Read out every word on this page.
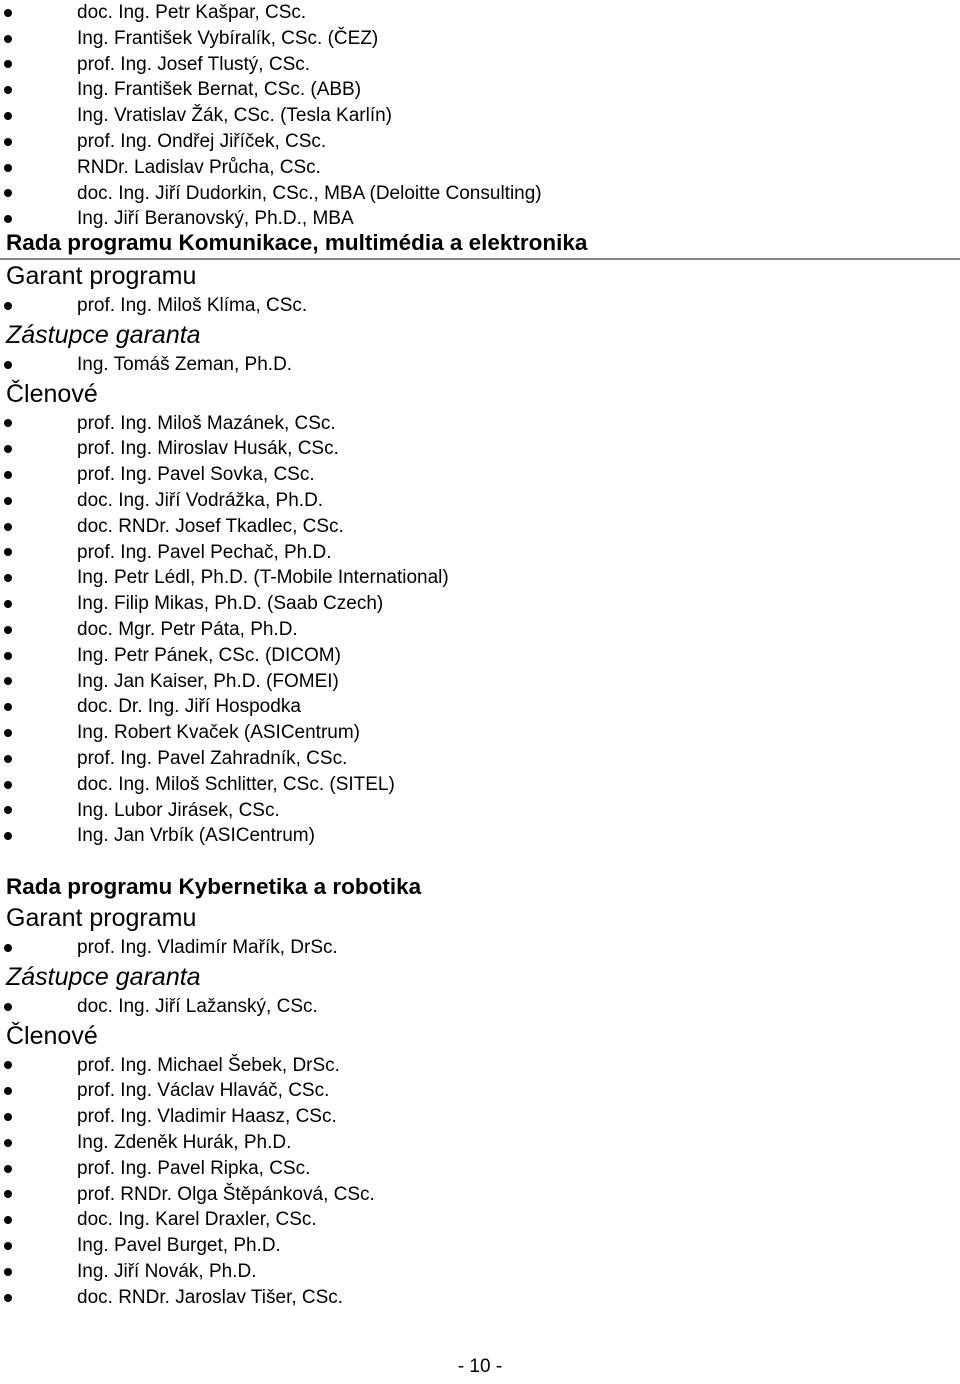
doc. Ing. Petr Kašpar, CSc.
Ing. František Vybíralík, CSc. (ČEZ)
prof. Ing. Josef Tlustý, CSc.
Ing. František Bernat, CSc. (ABB)
Ing. Vratislav Žák, CSc. (Tesla Karlín)
prof. Ing. Ondřej Jiříček, CSc.
RNDr. Ladislav Průcha, CSc.
doc. Ing. Jiří Dudorkin, CSc., MBA (Deloitte Consulting)
Ing. Jiří Beranovský, Ph.D., MBA
Rada programu Komunikace, multimédia a elektronika
Garant programu
prof. Ing. Miloš Klíma, CSc.
Zástupce garanta
Ing. Tomáš Zeman, Ph.D.
Členové
prof. Ing. Miloš Mazánek, CSc.
prof. Ing. Miroslav Husák, CSc.
prof. Ing. Pavel Sovka, CSc.
doc. Ing. Jiří Vodrážka, Ph.D.
doc. RNDr. Josef Tkadlec, CSc.
prof. Ing. Pavel Pechač, Ph.D.
Ing. Petr Lédl, Ph.D. (T-Mobile International)
Ing. Filip Mikas, Ph.D. (Saab Czech)
doc. Mgr. Petr Páta, Ph.D.
Ing. Petr Pánek, CSc. (DICOM)
Ing. Jan Kaiser, Ph.D. (FOMEI)
doc. Dr. Ing. Jiří Hospodka
Ing. Robert Kvaček (ASICentrum)
prof. Ing. Pavel Zahradník, CSc.
doc. Ing. Miloš Schlitter, CSc. (SITEL)
Ing. Lubor Jirásek, CSc.
Ing. Jan Vrbík (ASICentrum)
Rada programu Kybernetika a robotika
Garant programu
prof. Ing. Vladimír Mařík, DrSc.
Zástupce garanta
doc. Ing. Jiří Lažanský, CSc.
Členové
prof. Ing. Michael Šebek, DrSc.
prof. Ing. Václav Hlaváč, CSc.
prof. Ing. Vladimir Haasz, CSc.
Ing. Zdeněk Hurák, Ph.D.
prof. Ing. Pavel Ripka, CSc.
prof. RNDr. Olga Štěpánková, CSc.
doc. Ing. Karel Draxler, CSc.
Ing. Pavel Burget, Ph.D.
Ing. Jiří Novák, Ph.D.
doc. RNDr. Jaroslav Tišer, CSc.
- 10 -
